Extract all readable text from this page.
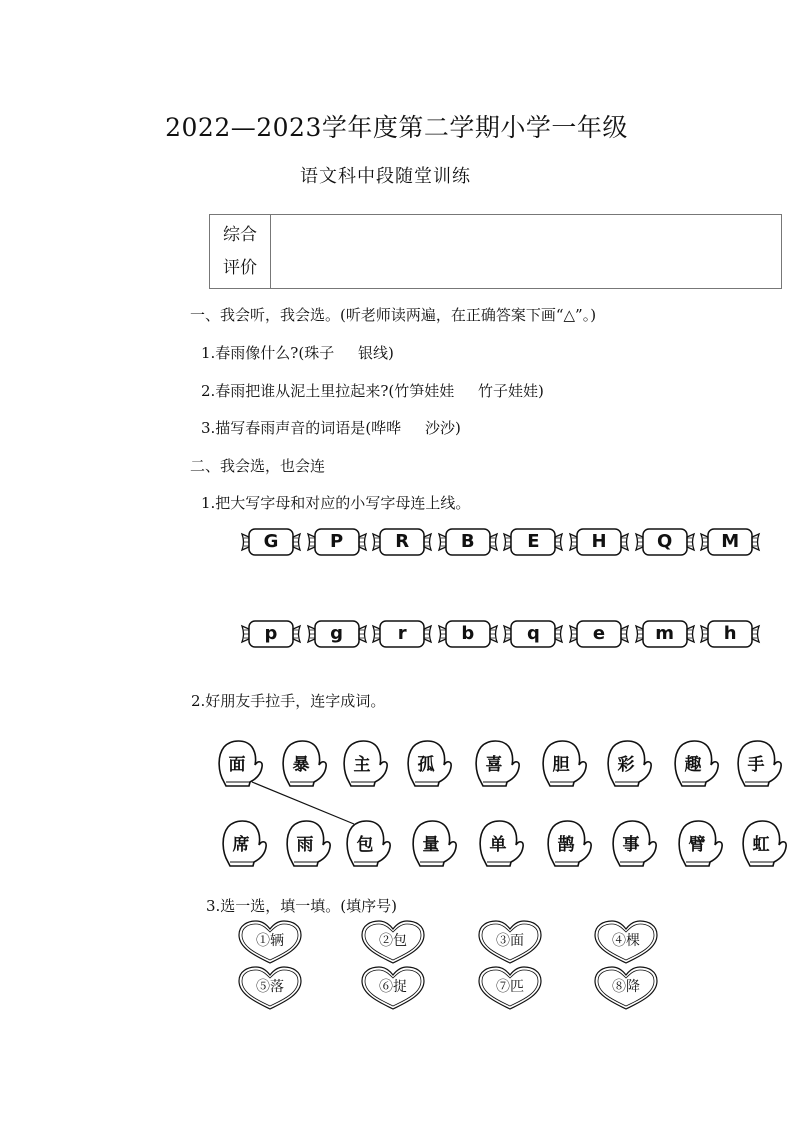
2022—2023学年度第二学期小学一年级
语文科中段随堂训练
综合
评价
一、我会听，我会选。(听老师读两遍，在正确答案下画“△”。)
1.春雨像什么?(珠子     银线)
2.春雨把谁从泥土里拉起来?(竹笋娃娃     竹子娃娃)
3.描写春雨声音的词语是(哗哗     沙沙)
二、我会选，也会连
1.把大写字母和对应的小写字母连上线。
G	P	R	B	E	H	Q	M
p	g	r	b	q	e	m	h
2.好朋友手拉手，连字成词。
面	暴	主	孤	喜	胆	彩	趣	手
席	雨	包	量	单	鹊	事	臂	虹
3.选一选，填一填。(填序号)
①辆	②包	③面	④棵
⑤落	⑥捉	⑦匹	⑧降
